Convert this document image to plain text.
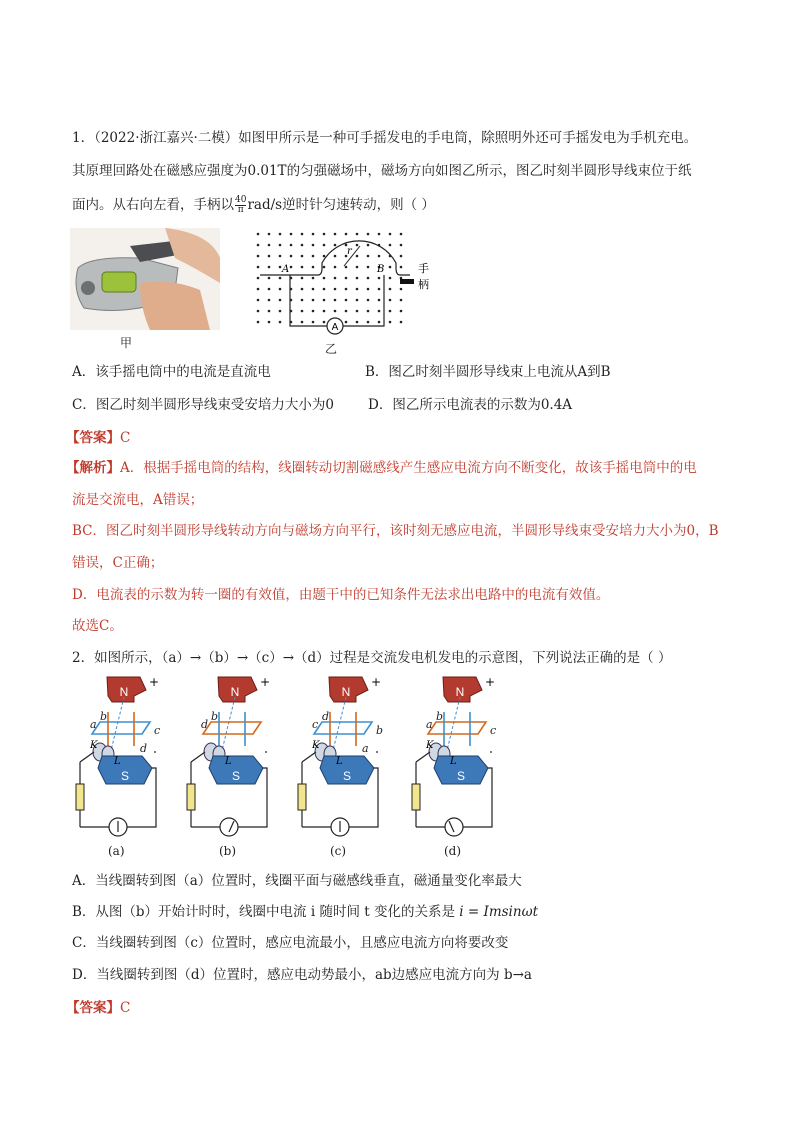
1．（2022·浙江嘉兴·二模）如图甲所示是一种可手摇发电的手电筒，除照明外还可手摇发电为手机充电。
其原理回路处在磁感应强度为0.01T的匀强磁场中，磁场方向如图乙所示，图乙时刻半圆形导线束位于纸
面内。从右向左看，手柄以 $\frac{40}{\pi} rad/s$逆时针匀速转动，则（ ）
甲
A
A	B
r
手
柄
乙
A．该手摇电筒中的电流是直流电	B．图乙时刻半圆形导线束上电流从A到B
C．图乙时刻半圆形导线束受安培力大小为0	D．图乙所示电流表的示数为0.4A
【答案】C
【解析】A．根据手摇电筒的结构，线圈转动切割磁感线产生感应电流方向不断变化，故该手摇电筒中的电
流是交流电，A错误；
BC．图乙时刻半圆形导线转动方向与磁场方向平行，该时刻无感应电流，半圆形导线束受安培力大小为0，B
错误，C正确；
D．电流表的示数为转一圈的有效值，由题干中的已知条件无法求出电路中的电流有效值。
故选C。
2．如图所示，（a）→（b）→（c）→（d）过程是交流发电机发电的示意图，下列说法正确的是（ ）
N
S
K
L
+
a
b
c
d
(a)
N
S
L
+
d
b
(b)
N
S
K
L
+
c
d
b
a
(c)
N
S
K
L
+
a
b
c
(d)
A．当线圈转到图（a）位置时，线圈平面与磁感线垂直，磁通量变化率最大
B．从图（b）开始计时时，线圈中电流 i 随时间 t 变化的关系是 i = Imsinωt
C．当线圈转到图（c）位置时，感应电流最小，且感应电流方向将要改变
D．当线圈转到图（d）位置时，感应电动势最小，ab边感应电流方向为 b→a
【答案】C
